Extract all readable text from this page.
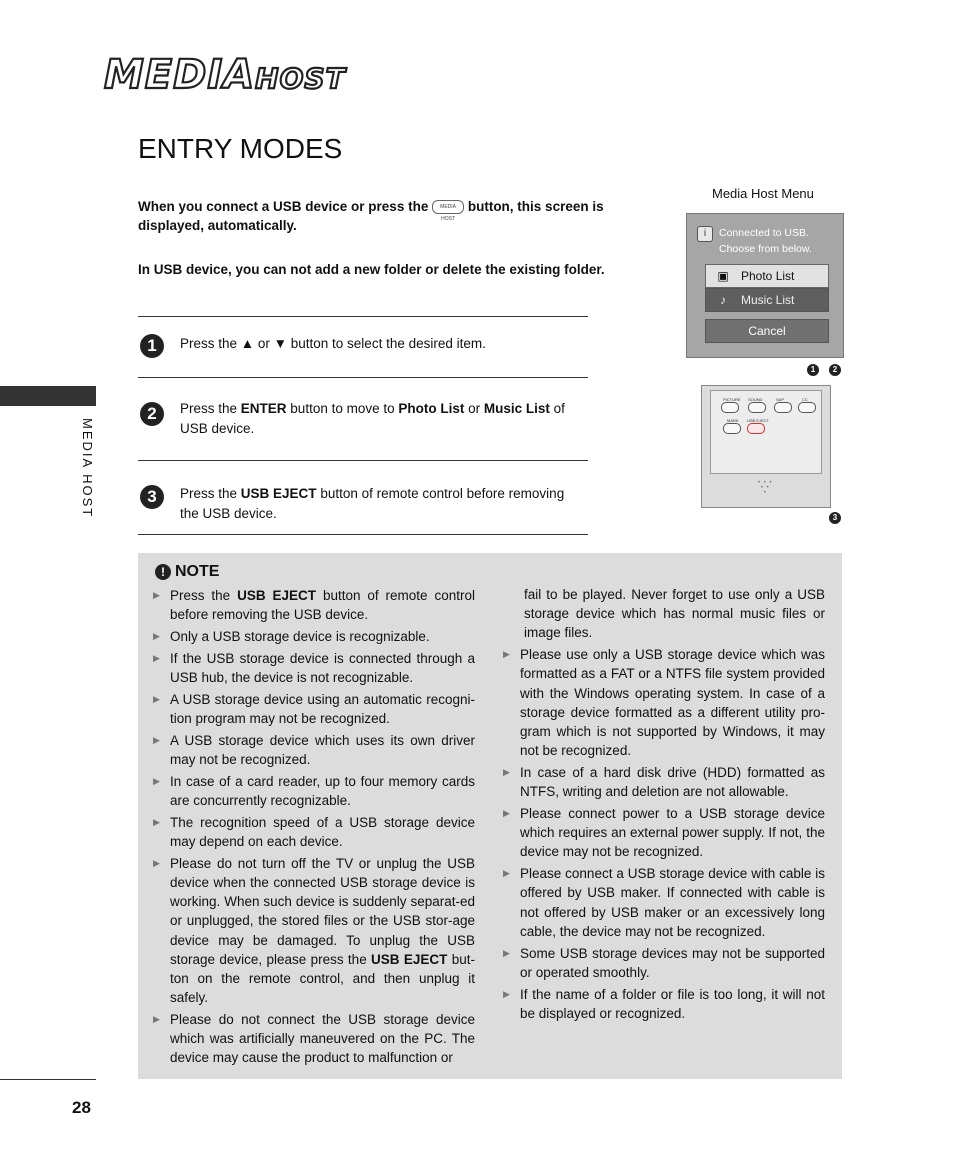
MEDIAHOST
ENTRY MODES

When you connect a USB device or press the MEDIA HOST button, this screen is displayed, automatically.

In USB device, you can not add a new folder or delete the existing folder.

1	Press the ▲ or ▼ button to select the desired item.

2	Press the ENTER button to move to Photo List or Music List of USB device.

3	Press the USB EJECT button of remote control before removing the USB device.

Media Host Menu
i	Connected to USB. Choose from below.
▣ Photo List
♪	Music List
Cancel
1	2
PICTURE SOUND	SAP	CC
MARK USB EJECT
• • •
• •
•
3
MEDIA HOST
28
! NOTE

▶ Press the USB EJECT button of remote control before removing the USB device.

▶ Only a USB storage device is recognizable.

▶ If the USB storage device is connected through a USB hub, the device is not recognizable.

▶ A USB storage device using an automatic recogni-tion program may not be recognized.

▶ A USB storage device which uses its own driver may not be recognized.

▶ In case of a card reader, up to four memory cards are concurrently recognizable.

▶ The recognition speed of a USB storage device may depend on each device.

▶ Please do not turn off the TV or unplug the USB device when the connected USB storage device is working. When such device is suddenly separat-ed or unplugged, the stored files or the USB stor-age device may be damaged. To unplug the USB storage device, please press the USB EJECT but-ton on the remote control, and then unplug it safely.

▶ Please do not connect the USB storage device which was artificially maneuvered on the PC. The device may cause the product to malfunction or

fail to be played. Never forget to use only a USB storage device which has normal music files or image files.

▶ Please use only a USB storage device which was formatted as a FAT or a NTFS file system provided with the Windows operating system. In case of a storage device formatted as a different utility pro-gram which is not supported by Windows, it may not be recognized.

▶ In case of a hard disk drive (HDD) formatted as NTFS, writing and deletion are not allowable.

▶ Please connect power to a USB storage device which requires an external power supply. If not, the device may not be recognized.

▶ Please connect a USB storage device with cable is offered by USB maker. If connected with cable is not offered by USB maker or an excessively long cable, the device may not be recognized.

▶ Some USB storage devices may not be supported or operated smoothly.

▶ If the name of a folder or file is too long, it will not be displayed or recognized.
